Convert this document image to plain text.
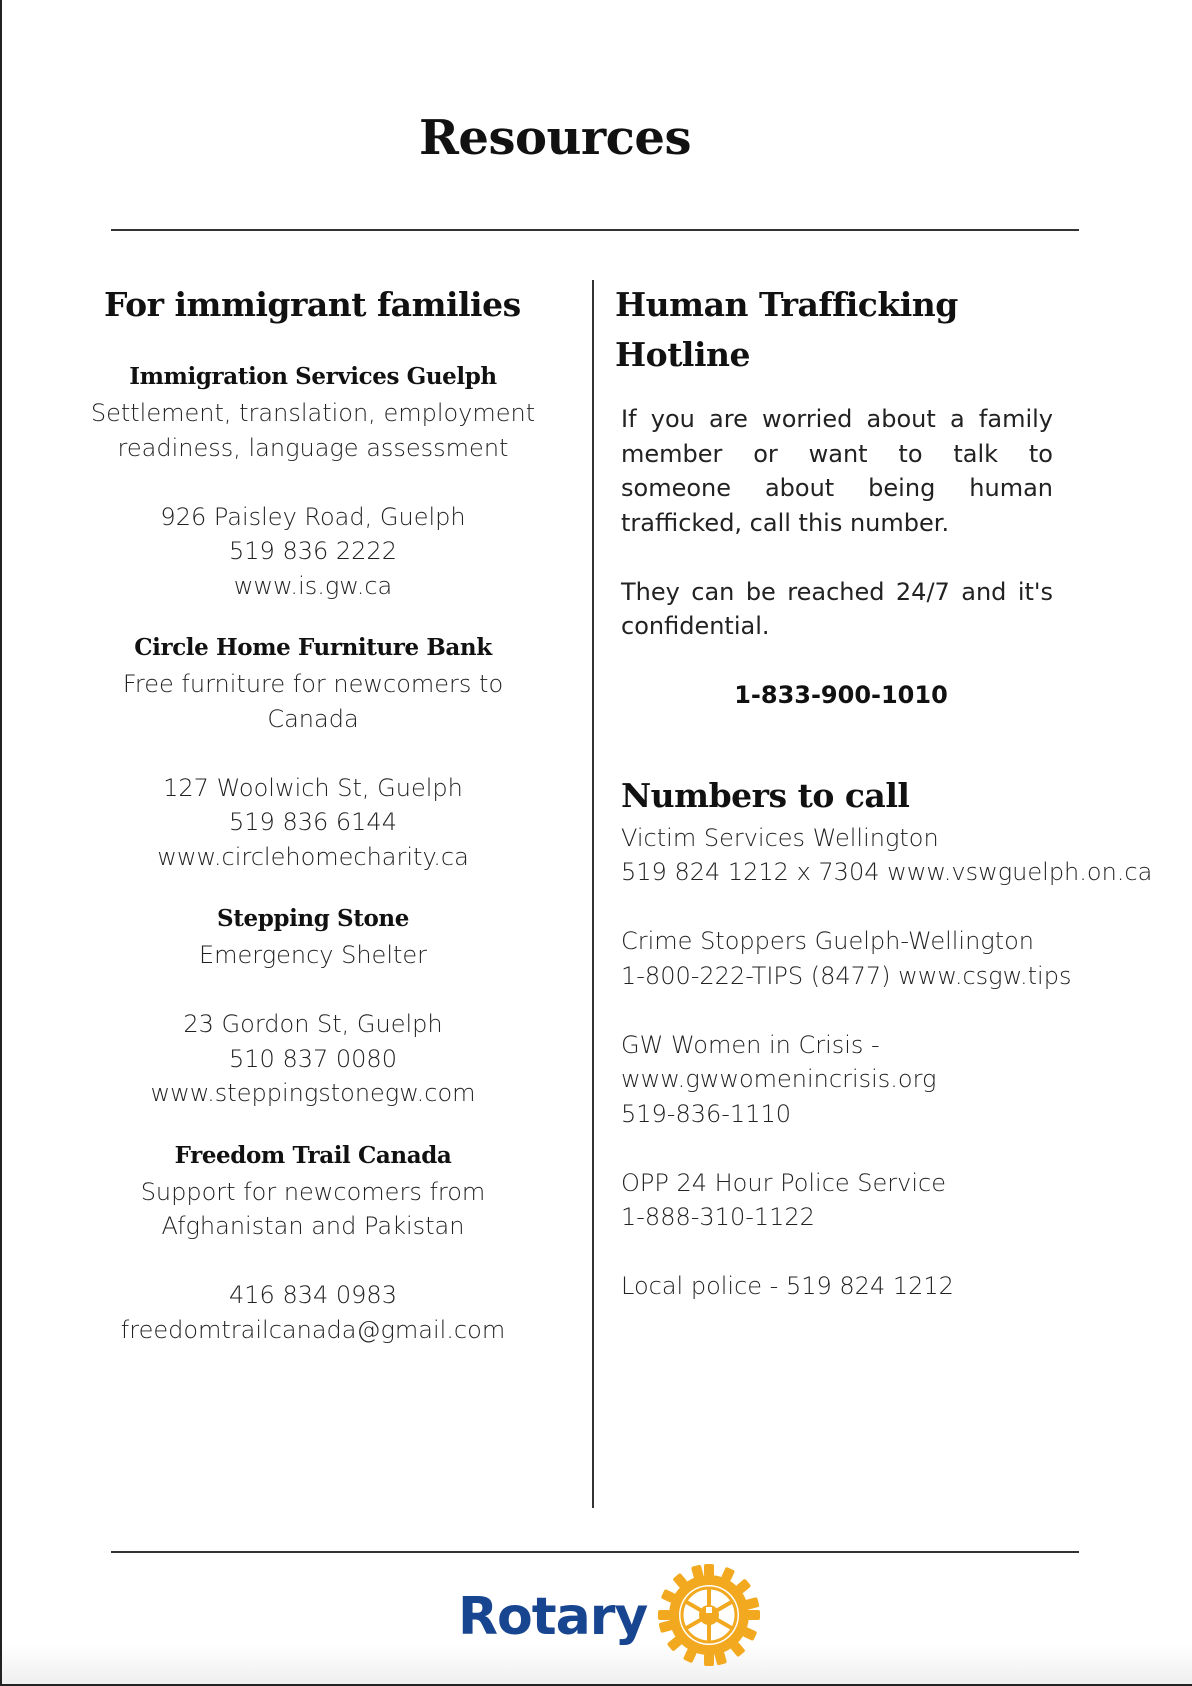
Resources
For immigrant families
Immigration Services Guelph
Settlement, translation, employment
readiness, language assessment
926 Paisley Road, Guelph
519 836 2222
www.is.gw.ca
Circle Home Furniture Bank
Free furniture for newcomers to Canada
127 Woolwich St, Guelph
519 836 6144
www.circlehomecharity.ca
Stepping Stone
Emergency Shelter
23 Gordon St, Guelph
510 837 0080
www.steppingstonegw.com
Freedom Trail Canada
Support for newcomers from
Afghanistan and Pakistan
416 834 0983
freedomtrailcanada@gmail.com
Human Trafficking Hotline
If you are worried about a family member or want to talk to someone about being human trafficked, call this number.
They can be reached 24/7 and it's confidential.
1-833-900-1010
Numbers to call
Victim Services Wellington
519 824 1212 x 7304 www.vswguelph.on.ca
Crime Stoppers Guelph-Wellington
1-800-222-TIPS (8477) www.csgw.tips
GW Women in Crisis - www.gwwomenincrisis.org
519-836-1110
OPP 24 Hour Police Service
1-888-310-1122
Local police - 519 824 1212
Rotary
